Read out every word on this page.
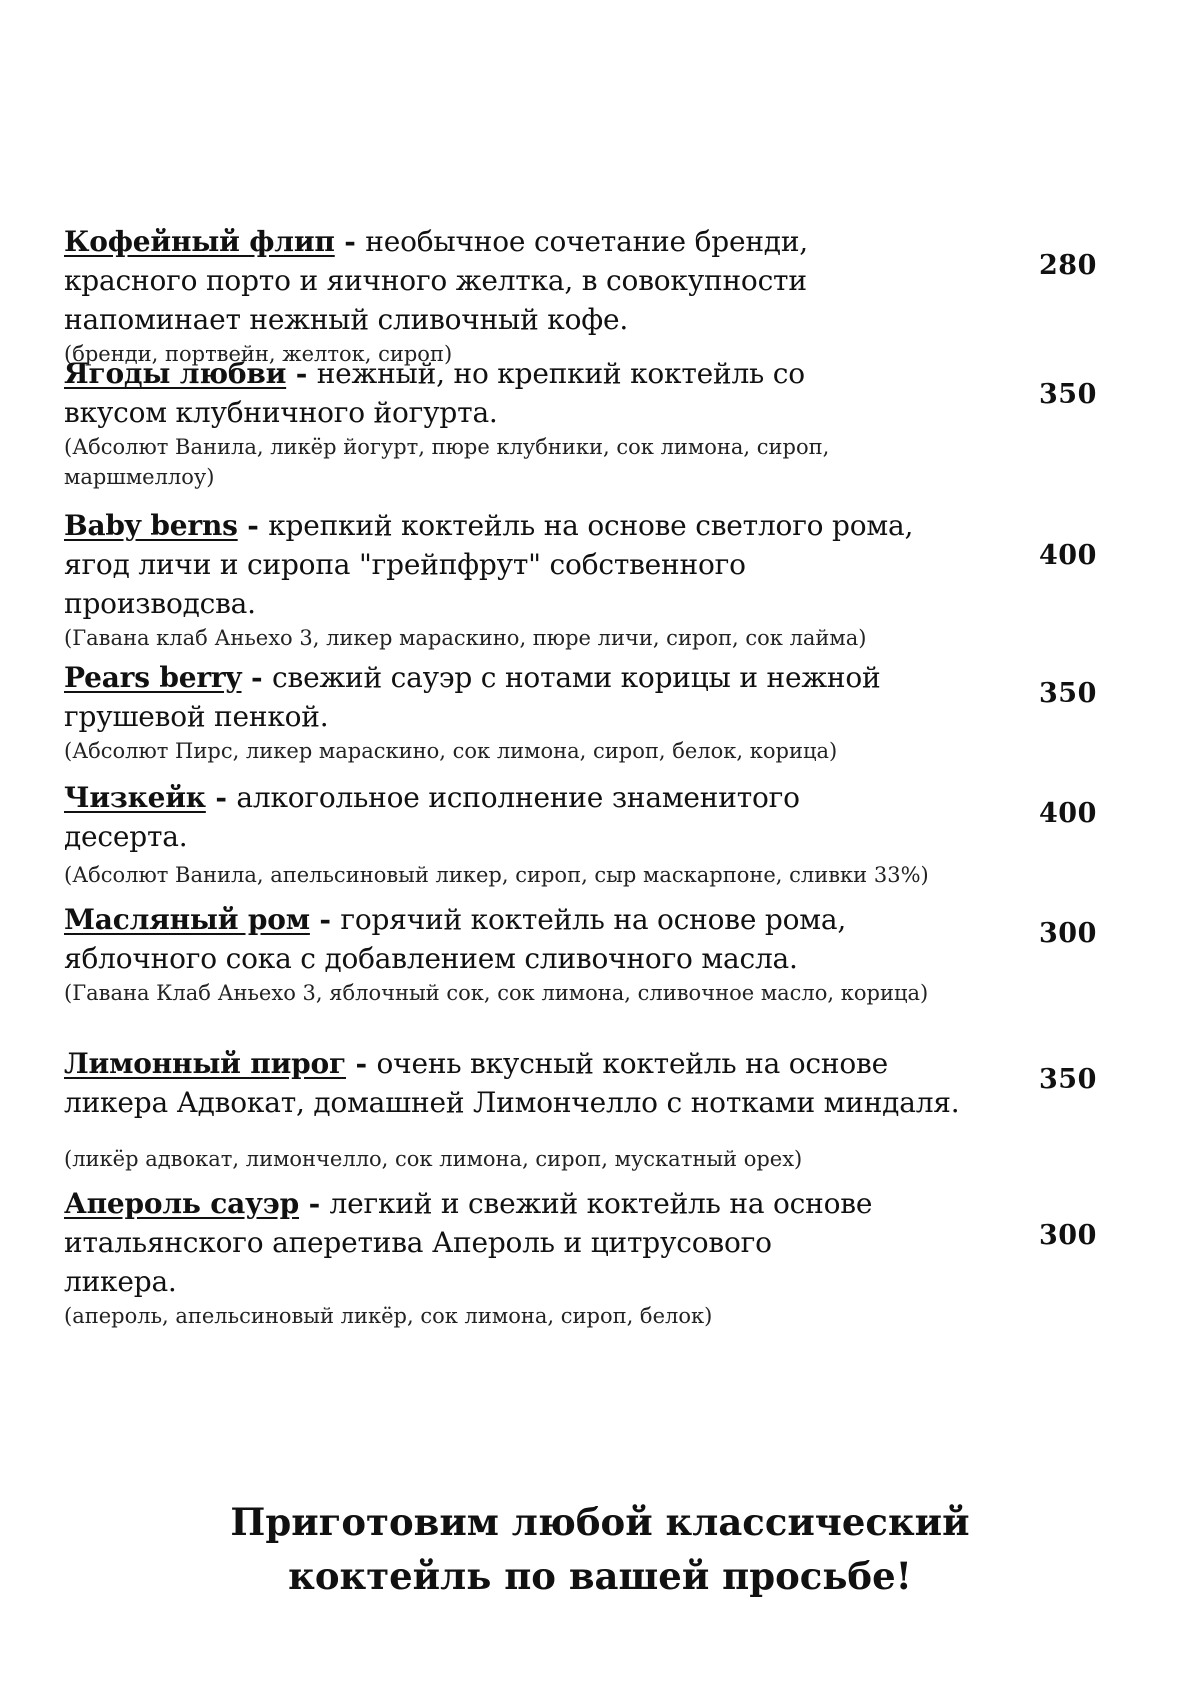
Кофейный флип - необычное сочетание бренди,
красного порто и яичного желтка, в совокупности
напоминает нежный сливочный кофе.
(бренди, портвейн, желток, сироп)
280
Ягоды любви - нежный, но крепкий коктейль со
вкусом клубничного йогурта.
(Абсолют Ванила, ликёр йогурт, пюре клубники, сок лимона, сироп,
маршмеллоу)
350
Baby berns - крепкий коктейль на основе светлого рома,
ягод личи и сиропа "грейпфрут" собственного
производсва.
(Гавана клаб Аньехо 3, ликер мараскино, пюре личи, сироп, сок лайма)
400
Pears berry - свежий сауэр с нотами корицы и нежной
грушевой пенкой.
(Абсолют Пирс, ликер мараскино, сок лимона, сироп, белок, корица)
350
Чизкейк - алкогольное исполнение знаменитого
десерта.
(Абсолют Ванила, апельсиновый ликер, сироп, сыр маскарпоне, сливки 33%)
400
Масляный ром - горячий коктейль на основе рома,
яблочного сока с добавлением сливочного масла.
(Гавана Клаб Аньехо 3, яблочный сок, сок лимона, сливочное масло, корица)
300
Лимонный пирог - очень вкусный коктейль на основе
ликера Адвокат, домашней Лимончелло с нотками миндаля.
(ликёр адвокат, лимончелло, сок лимона, сироп, мускатный орех)
350
Апероль сауэр - легкий и свежий коктейль на основе
итальянского аперетива Апероль и цитрусового
ликера.
(апероль, апельсиновый ликёр, сок лимона, сироп, белок)
300
Приготовим любой классический
коктейль по вашей просьбе!
